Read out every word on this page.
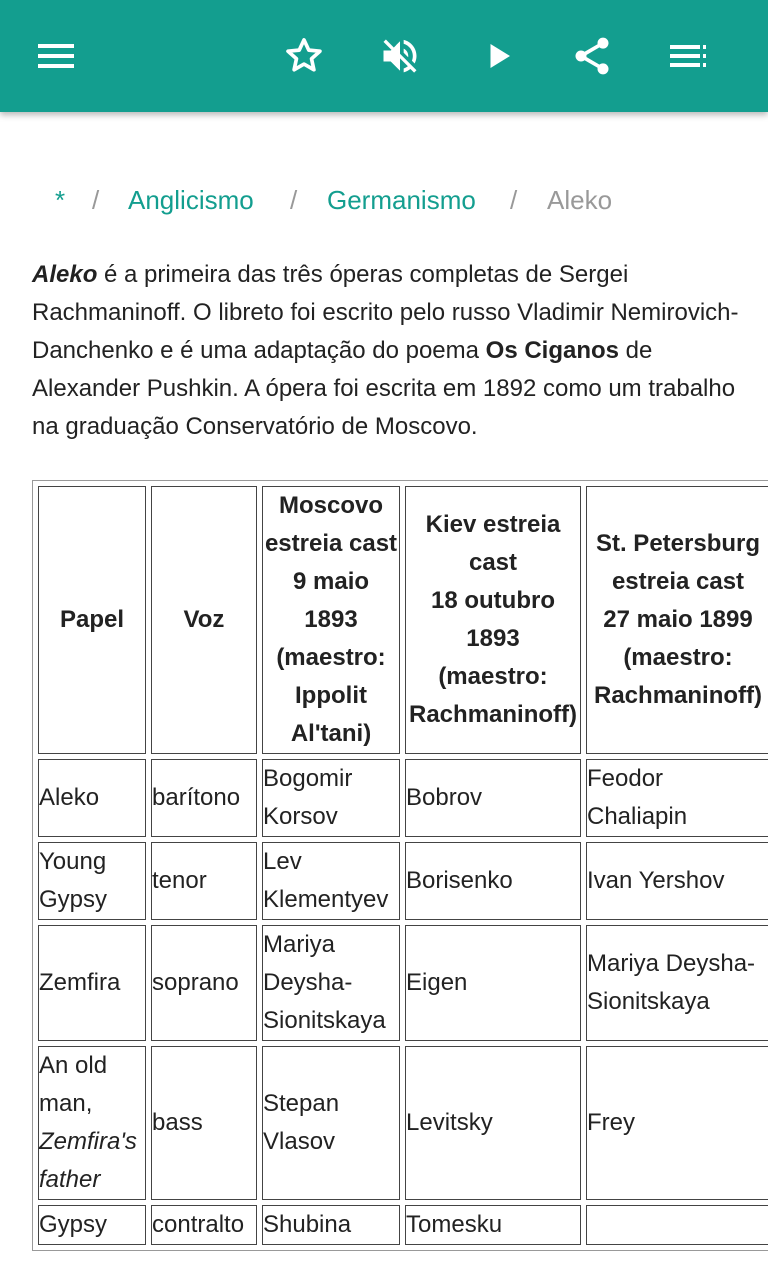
* / Anglicismo / Germanismo / Aleko

Aleko é a primeira das três óperas completas de Sergei Rachmaninoff. O libreto foi escrito pelo russo Vladimir Nemirovich-Danchenko e é uma adaptação do poema Os Ciganos de Alexander Pushkin. A ópera foi escrita em 1892 como um trabalho na graduação Conservatório de Moscovo.

Papel	Voz	Moscovo estreia cast
9 maio 1893
(maestro: Ippolit Al'tani)	Kiev estreia cast
18 outubro 1893
(maestro: Rachmaninoff)	St. Petersburg estreia cast
27 maio 1899
(maestro: Rachmaninoff)
Aleko	barítono	Bogomir Korsov	Bobrov	Feodor Chaliapin
Young Gypsy	tenor	Lev Klementyev	Borisenko	Ivan Yershov
Zemfira	soprano	Mariya Deysha-Sionitskaya	Eigen	Mariya Deysha-Sionitskaya
An old man, Zemfira's father	bass	Stepan Vlasov	Levitsky	Frey
Gypsy	contralto	Shubina	Tomesku	
